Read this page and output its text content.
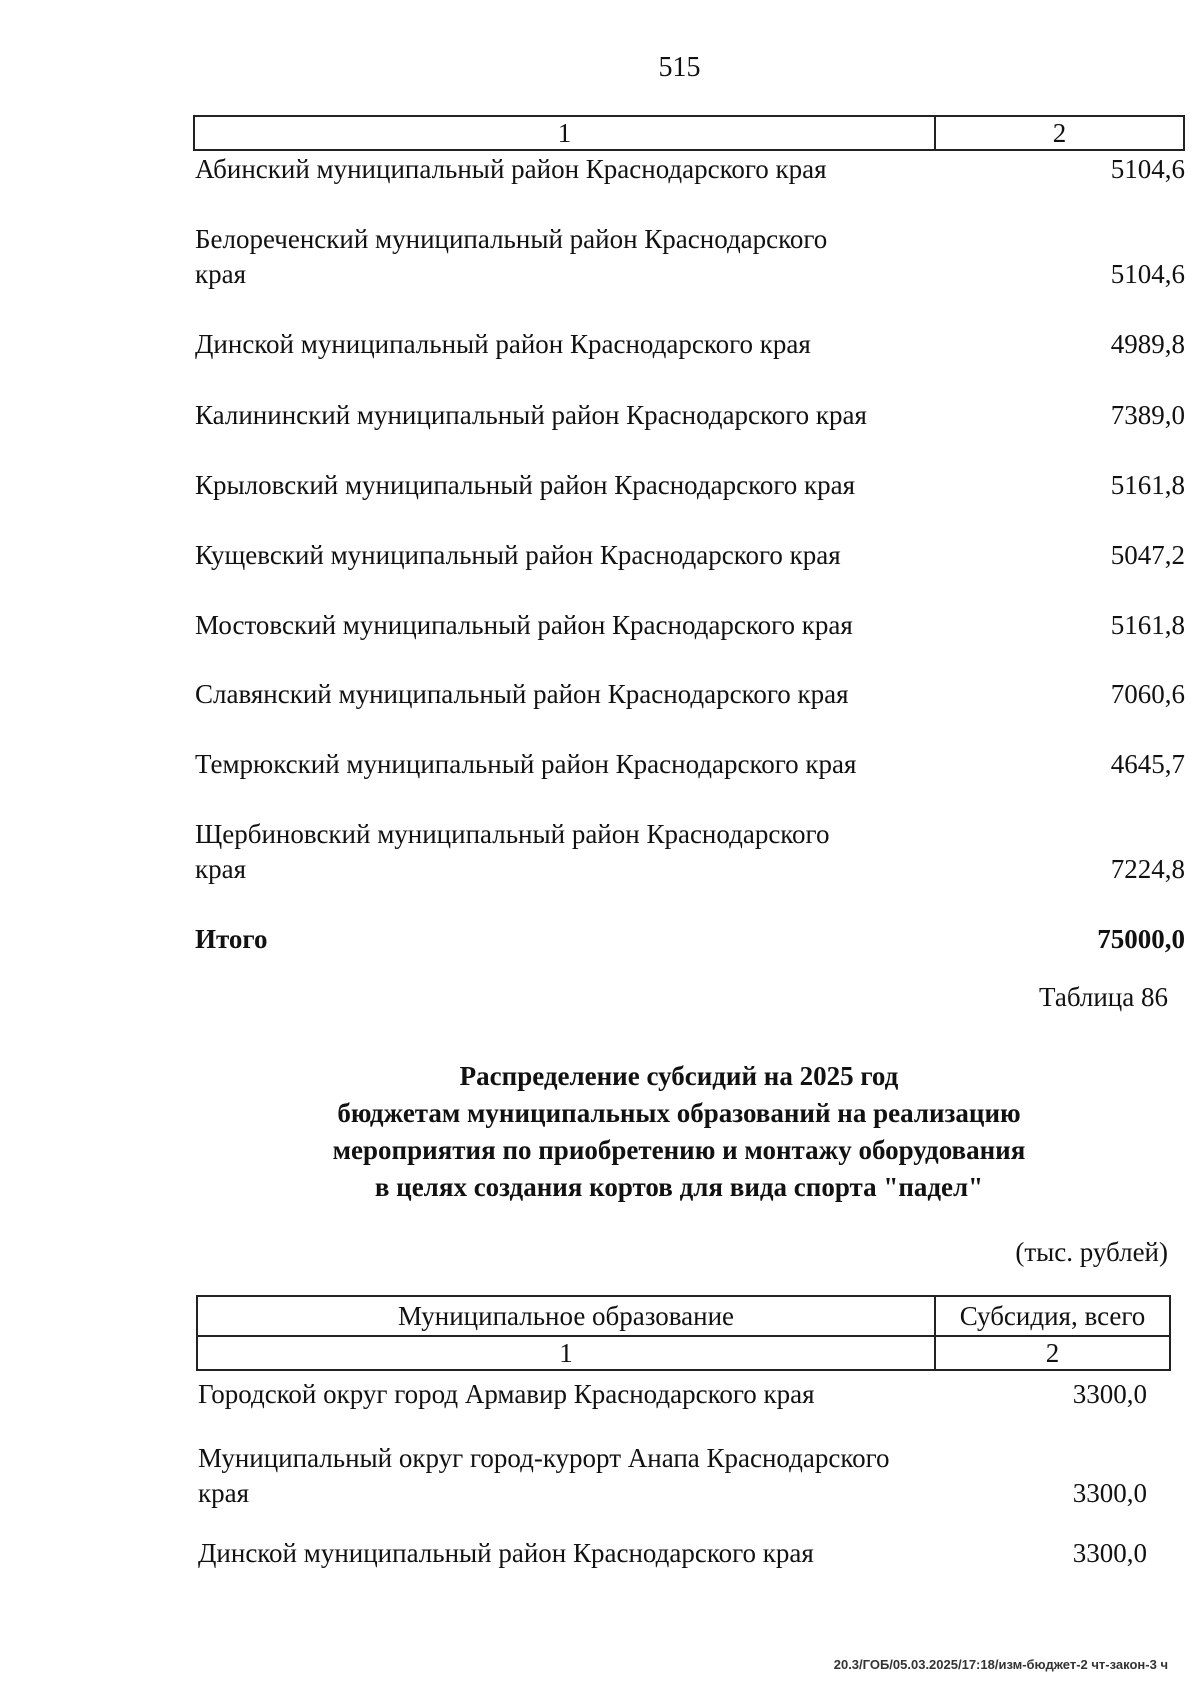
515
1	2
Абинский муниципальный район Краснодарского края	5104,6
Белореченский муниципальный район Краснодарского
края	5104,6
Динской муниципальный район Краснодарского края	4989,8
Калининский муниципальный район Краснодарского края	7389,0
Крыловский муниципальный район Краснодарского края	5161,8
Кущевский муниципальный район Краснодарского края	5047,2
Мостовский муниципальный район Краснодарского края	5161,8
Славянский муниципальный район Краснодарского края	7060,6
Темрюкский муниципальный район Краснодарского края	4645,7
Щербиновский муниципальный район Краснодарского
края	7224,8
Итого	75000,0
Таблица 86
Распределение субсидий на 2025 год
бюджетам муниципальных образований на реализацию
мероприятия по приобретению и монтажу оборудования
в целях создания кортов для вида спорта "падел"
(тыс. рублей)
Муниципальное образование	Субсидия, всего
1	2
Городской округ город Армавир Краснодарского края	3300,0
Муниципальный округ город-курорт Анапа Краснодарского
края	3300,0
Динской муниципальный район Краснодарского края	3300,0
20.3/ГОБ/05.03.2025/17:18/изм-бюджет-2 чт-закон-3 ч
